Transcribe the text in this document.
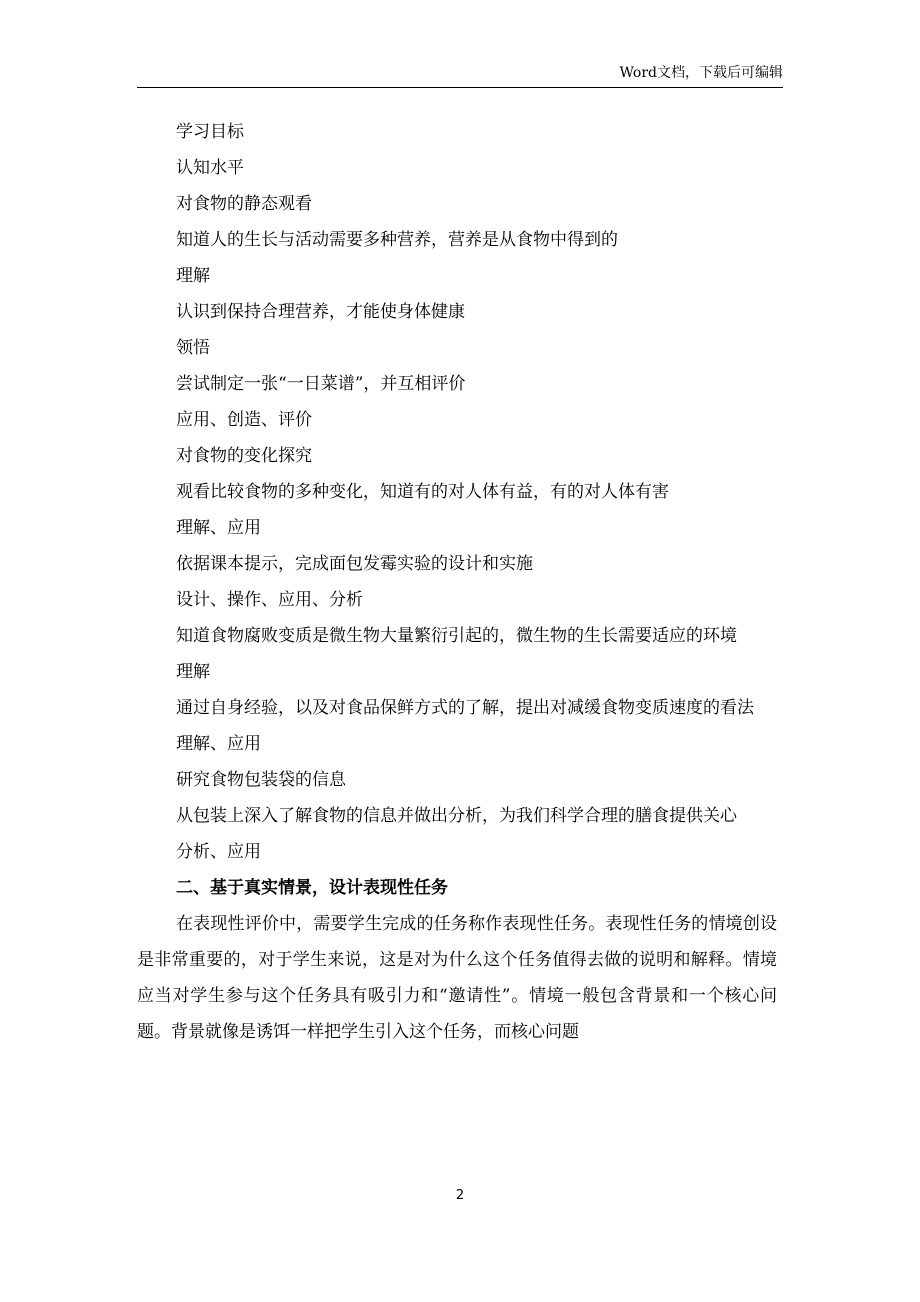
Word文档，下载后可编辑
学习目标
认知水平
对食物的静态观看
知道人的生长与活动需要多种营养，营养是从食物中得到的
理解
认识到保持合理营养，才能使身体健康
领悟
尝试制定一张“一日菜谱”，并互相评价
应用、创造、评价
对食物的变化探究
观看比较食物的多种变化，知道有的对人体有益，有的对人体有害
理解、应用
依据课本提示，完成面包发霉实验的设计和实施
设计、操作、应用、分析
知道食物腐败变质是微生物大量繁衍引起的，微生物的生长需要适应的环境
理解
通过自身经验，以及对食品保鲜方式的了解，提出对减缓食物变质速度的看法
理解、应用
研究食物包装袋的信息
从包装上深入了解食物的信息并做出分析，为我们科学合理的膳食提供关心
分析、应用
二、基于真实情景，设计表现性任务
在表现性评价中，需要学生完成的任务称作表现性任务。表现性任务的情境创设是非常重要的，对于学生来说，这是对为什么这个任务值得去做的说明和解释。情境应当对学生参与这个任务具有吸引力和“邀请性”。情境一般包含背景和一个核心问题。背景就像是诱饵一样把学生引入这个任务，而核心问题
2
